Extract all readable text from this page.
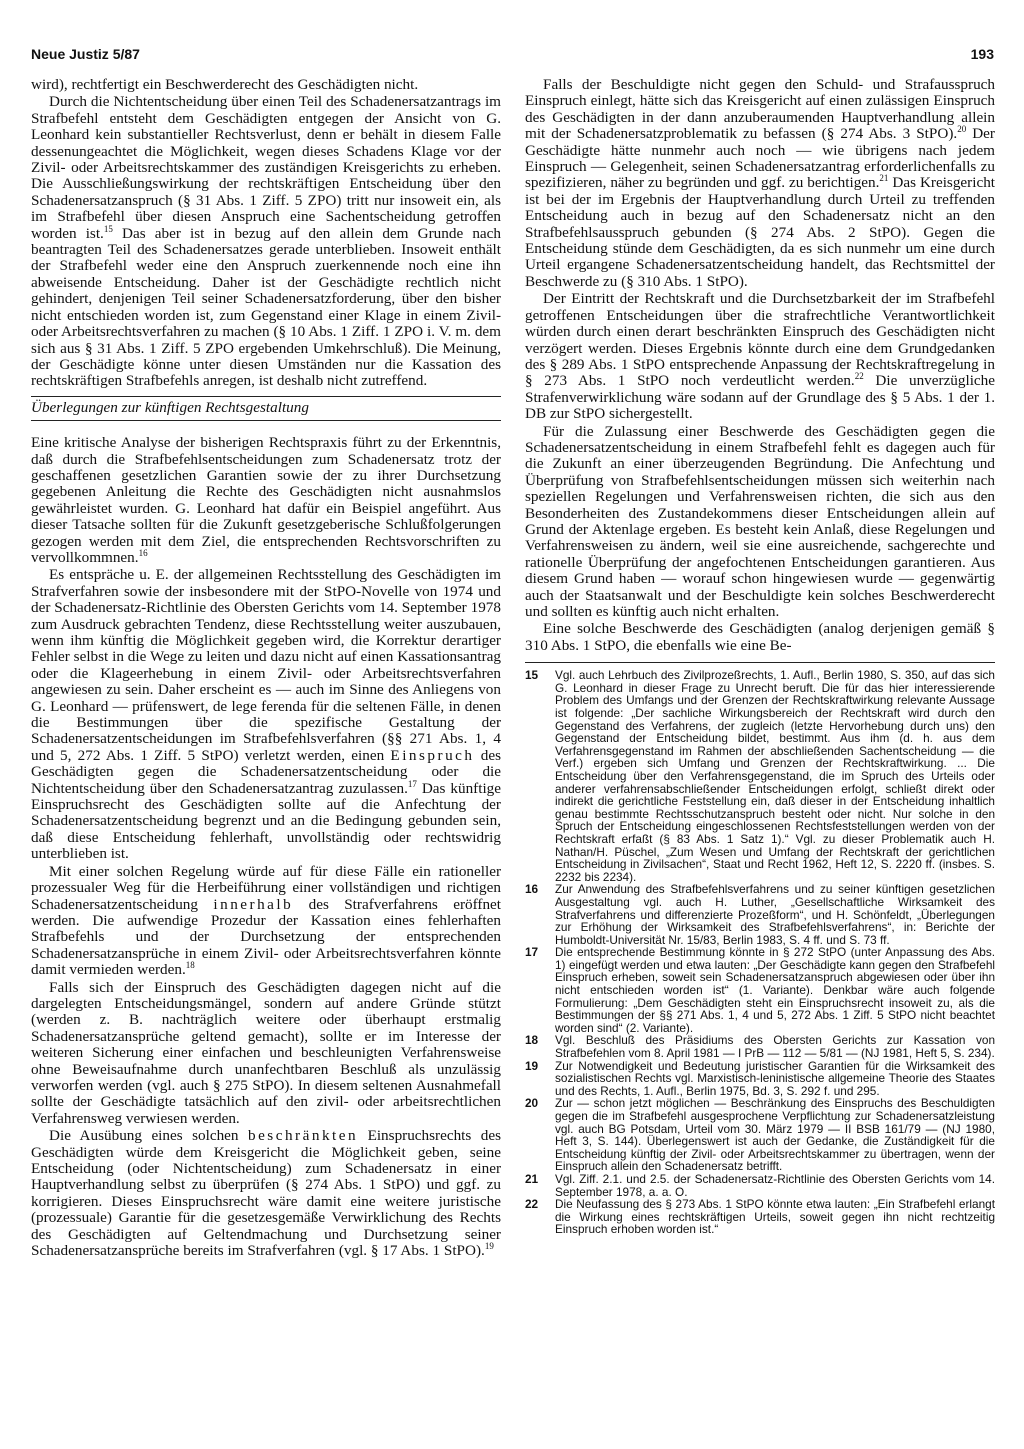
Neue Justiz 5/87	193

wird), rechtfertigt ein Beschwerderecht des Geschädigten nicht.

Durch die Nichtentscheidung über einen Teil des Schadenersatzantrags im Strafbefehl entsteht dem Geschädigten entgegen der Ansicht von G. Leonhard kein substantieller Rechtsverlust, denn er behält in diesem Falle dessenungeachtet die Möglichkeit, wegen dieses Schadens Klage vor der Zivil- oder Arbeitsrechtskammer des zuständigen Kreisgerichts zu erheben. Die Ausschließungswirkung der rechtskräftigen Entscheidung über den Schadenersatzanspruch (§ 31 Abs. 1 Ziff. 5 ZPO) tritt nur insoweit ein, als im Strafbefehl über diesen Anspruch eine Sachentscheidung getroffen worden ist.$^{15}$ Das aber ist in bezug auf den allein dem Grunde nach beantragten Teil des Schadenersatzes gerade unterblieben. Insoweit enthält der Strafbefehl weder eine den Anspruch zuerkennende noch eine ihn abweisende Entscheidung. Daher ist der Geschädigte rechtlich nicht gehindert, denjenigen Teil seiner Schadenersatzforderung, über den bisher nicht entschieden worden ist, zum Gegenstand einer Klage in einem Zivil- oder Arbeitsrechtsverfahren zu machen (§ 10 Abs. 1 Ziff. 1 ZPO i. V. m. dem sich aus § 31 Abs. 1 Ziff. 5 ZPO ergebenden Umkehrschluß). Die Meinung, der Geschädigte könne unter diesen Umständen nur die Kassation des rechtskräftigen Strafbefehls anregen, ist deshalb nicht zutreffend.

Überlegungen zur künftigen Rechtsgestaltung

Eine kritische Analyse der bisherigen Rechtspraxis führt zu der Erkenntnis, daß durch die Strafbefehlsentscheidungen zum Schadenersatz trotz der geschaffenen gesetzlichen Garantien sowie der zu ihrer Durchsetzung gegebenen Anleitung die Rechte des Geschädigten nicht ausnahmslos gewährleistet wurden. G. Leonhard hat dafür ein Beispiel angeführt. Aus dieser Tatsache sollten für die Zukunft gesetzgeberische Schlußfolgerungen gezogen werden mit dem Ziel, die entsprechenden Rechtsvorschriften zu vervollkommnen.$^{16}$

Es entspräche u. E. der allgemeinen Rechtsstellung des Geschädigten im Strafverfahren sowie der insbesondere mit der StPO-Novelle von 1974 und der Schadenersatz-Richtlinie des Obersten Gerichts vom 14. September 1978 zum Ausdruck gebrachten Tendenz, diese Rechtsstellung weiter auszubauen, wenn ihm künftig die Möglichkeit gegeben wird, die Korrektur derartiger Fehler selbst in die Wege zu leiten und dazu nicht auf einen Kassationsantrag oder die Klageerhebung in einem Zivil- oder Arbeitsrechtsverfahren angewiesen zu sein. Daher erscheint es — auch im Sinne des Anliegens von G. Leonhard — prüfenswert, de lege ferenda für die seltenen Fälle, in denen die Bestimmungen über die spezifische Gestaltung der Schadenersatzentscheidungen im Strafbefehlsverfahren (§§ 271 Abs. 1, 4 und 5, 272 Abs. 1 Ziff. 5 StPO) verletzt werden, einen Einspruch des Geschädigten gegen die Schadenersatzentscheidung oder die Nichtentscheidung über den Schadenersatzantrag zuzulassen.$^{17}$ Das künftige Einspruchsrecht des Geschädigten sollte auf die Anfechtung der Schadenersatzentscheidung begrenzt und an die Bedingung gebunden sein, daß diese Entscheidung fehlerhaft, unvollständig oder rechtswidrig unterblieben ist.

Mit einer solchen Regelung würde auf für diese Fälle ein rationeller prozessualer Weg für die Herbeiführung einer vollständigen und richtigen Schadenersatzentscheidung innerhalb des Strafverfahrens eröffnet werden. Die aufwendige Prozedur der Kassation eines fehlerhaften Strafbefehls und der Durchsetzung der entsprechenden Schadenersatzansprüche in einem Zivil- oder Arbeitsrechtsverfahren könnte damit vermieden werden.$^{18}$

Falls sich der Einspruch des Geschädigten dagegen nicht auf die dargelegten Entscheidungsmängel, sondern auf andere Gründe stützt (werden z. B. nachträglich weitere oder überhaupt erstmalig Schadenersatzansprüche geltend gemacht), sollte er im Interesse der weiteren Sicherung einer einfachen und beschleunigten Verfahrensweise ohne Beweisaufnahme durch unanfechtbaren Beschluß als unzulässig verworfen werden (vgl. auch § 275 StPO). In diesem seltenen Ausnahmefall sollte der Geschädigte tatsächlich auf den zivil- oder arbeitsrechtlichen Verfahrensweg verwiesen werden.

Die Ausübung eines solchen beschränkten Einspruchsrechts des Geschädigten würde dem Kreisgericht die Möglichkeit geben, seine Entscheidung (oder Nichtentscheidung) zum Schadenersatz in einer Hauptverhandlung selbst zu überprüfen (§ 274 Abs. 1 StPO) und ggf. zu korrigieren. Dieses Einspruchsrecht wäre damit eine weitere juristische (prozessuale) Garantie für die gesetzesgemäße Verwirklichung des Rechts des Geschädigten auf Geltendmachung und Durchsetzung seiner Schadenersatzansprüche bereits im Strafverfahren (vgl. § 17 Abs. 1 StPO).$^{19}$

Falls der Beschuldigte nicht gegen den Schuld- und Strafausspruch Einspruch einlegt, hätte sich das Kreisgericht auf einen zulässigen Einspruch des Geschädigten in der dann anzuberaumenden Hauptverhandlung allein mit der Schadenersatzproblematik zu befassen (§ 274 Abs. 3 StPO).$^{20}$ Der Geschädigte hätte nunmehr auch noch — wie übrigens nach jedem Einspruch — Gelegenheit, seinen Schadenersatzantrag erforderlichenfalls zu spezifizieren, näher zu begründen und ggf. zu berichtigen.$^{21}$ Das Kreisgericht ist bei der im Ergebnis der Hauptverhandlung durch Urteil zu treffenden Entscheidung auch in bezug auf den Schadenersatz nicht an den Strafbefehlsausspruch gebunden (§ 274 Abs. 2 StPO). Gegen die Entscheidung stünde dem Geschädigten, da es sich nunmehr um eine durch Urteil ergangene Schadenersatzentscheidung handelt, das Rechtsmittel der Beschwerde zu (§ 310 Abs. 1 StPO).

Der Eintritt der Rechtskraft und die Durchsetzbarkeit der im Strafbefehl getroffenen Entscheidungen über die strafrechtliche Verantwortlichkeit würden durch einen derart beschränkten Einspruch des Geschädigten nicht verzögert werden. Dieses Ergebnis könnte durch eine dem Grundgedanken des § 289 Abs. 1 StPO entsprechende Anpassung der Rechtskraftregelung in § 273 Abs. 1 StPO noch verdeutlicht werden.$^{22}$ Die unverzügliche Strafenverwirklichung wäre sodann auf der Grundlage des § 5 Abs. 1 der 1. DB zur StPO sichergestellt.

Für die Zulassung einer Beschwerde des Geschädigten gegen die Schadenersatzentscheidung in einem Strafbefehl fehlt es dagegen auch für die Zukunft an einer überzeugenden Begründung. Die Anfechtung und Überprüfung von Strafbefehlsentscheidungen müssen sich weiterhin nach speziellen Regelungen und Verfahrensweisen richten, die sich aus den Besonderheiten des Zustandekommens dieser Entscheidungen allein auf Grund der Aktenlage ergeben. Es besteht kein Anlaß, diese Regelungen und Verfahrensweisen zu ändern, weil sie eine ausreichende, sachgerechte und rationelle Überprüfung der angefochtenen Entscheidungen garantieren. Aus diesem Grund haben — worauf schon hingewiesen wurde — gegenwärtig auch der Staatsanwalt und der Beschuldigte kein solches Beschwerderecht und sollten es künftig auch nicht erhalten.

Eine solche Beschwerde des Geschädigten (analog derjenigen gemäß § 310 Abs. 1 StPO, die ebenfalls wie eine Be-

15	Vgl. auch Lehrbuch des Zivilprozeßrechts, 1. Aufl., Berlin 1980, S. 350, auf das sich G. Leonhard in dieser Frage zu Unrecht beruft. Die für das hier interessierende Problem des Umfangs und der Grenzen der Rechtskraftwirkung relevante Aussage ist folgende: „Der sachliche Wirkungsbereich der Rechtskraft wird durch den Gegenstand des Verfahrens, der zugleich (letzte Hervorhebung durch uns) den Gegenstand der Entscheidung bildet, bestimmt. Aus ihm (d. h. aus dem Verfahrensgegenstand im Rahmen der abschließenden Sachentscheidung — die Verf.) ergeben sich Umfang und Grenzen der Rechtskraftwirkung. ... Die Entscheidung über den Verfahrensgegenstand, die im Spruch des Urteils oder anderer verfahrensabschließender Entscheidungen erfolgt, schließt direkt oder indirekt die gerichtliche Feststellung ein, daß dieser in der Entscheidung inhaltlich genau bestimmte Rechtsschutzanspruch besteht oder nicht. Nur solche in den Spruch der Entscheidung eingeschlossenen Rechtsfeststellungen werden von der Rechtskraft erfaßt (§ 83 Abs. 1 Satz 1).“ Vgl. zu dieser Problematik auch H. Nathan/H. Püschel, „Zum Wesen und Umfang der Rechtskraft der gerichtlichen Entscheidung in Zivilsachen“, Staat und Recht 1962, Heft 12, S. 2220 ff. (insbes. S. 2232 bis 2234).
16	Zur Anwendung des Strafbefehlsverfahrens und zu seiner künftigen gesetzlichen Ausgestaltung vgl. auch H. Luther, „Gesellschaftliche Wirksamkeit des Strafverfahrens und differenzierte Prozeßform“, und H. Schönfeldt, „Überlegungen zur Erhöhung der Wirksamkeit des Strafbefehlsverfahrens“, in: Berichte der Humboldt-Universität Nr. 15/83, Berlin 1983, S. 4 ff. und S. 73 ff.
17	Die entsprechende Bestimmung könnte in § 272 StPO (unter Anpassung des Abs. 1) eingefügt werden und etwa lauten: „Der Geschädigte kann gegen den Strafbefehl Einspruch erheben, soweit sein Schadenersatzanspruch abgewiesen oder über ihn nicht entschieden worden ist“ (1. Variante). Denkbar wäre auch folgende Formulierung: „Dem Geschädigten steht ein Einspruchsrecht insoweit zu, als die Bestimmungen der §§ 271 Abs. 1, 4 und 5, 272 Abs. 1 Ziff. 5 StPO nicht beachtet worden sind“ (2. Variante).
18	Vgl. Beschluß des Präsidiums des Obersten Gerichts zur Kassation von Strafbefehlen vom 8. April 1981 — I PrB — 112 — 5/81 — (NJ 1981, Heft 5, S. 234).
19	Zur Notwendigkeit und Bedeutung juristischer Garantien für die Wirksamkeit des sozialistischen Rechts vgl. Marxistisch-leninistische allgemeine Theorie des Staates und des Rechts, 1. Aufl., Berlin 1975, Bd. 3, S. 292 f. und 295.
20	Zur — schon jetzt möglichen — Beschränkung des Einspruchs des Beschuldigten gegen die im Strafbefehl ausgesprochene Verpflichtung zur Schadenersatzleistung vgl. auch BG Potsdam, Urteil vom 30. März 1979 — II BSB 161/79 — (NJ 1980, Heft 3, S. 144). Überlegenswert ist auch der Gedanke, die Zuständigkeit für die Entscheidung künftig der Zivil- oder Arbeitsrechtskammer zu übertragen, wenn der Einspruch allein den Schadenersatz betrifft.
21	Vgl. Ziff. 2.1. und 2.5. der Schadenersatz-Richtlinie des Obersten Gerichts vom 14. September 1978, a. a. O.
22	Die Neufassung des § 273 Abs. 1 StPO könnte etwa lauten: „Ein Strafbefehl erlangt die Wirkung eines rechtskräftigen Urteils, soweit gegen ihn nicht rechtzeitig Einspruch erhoben worden ist.“
